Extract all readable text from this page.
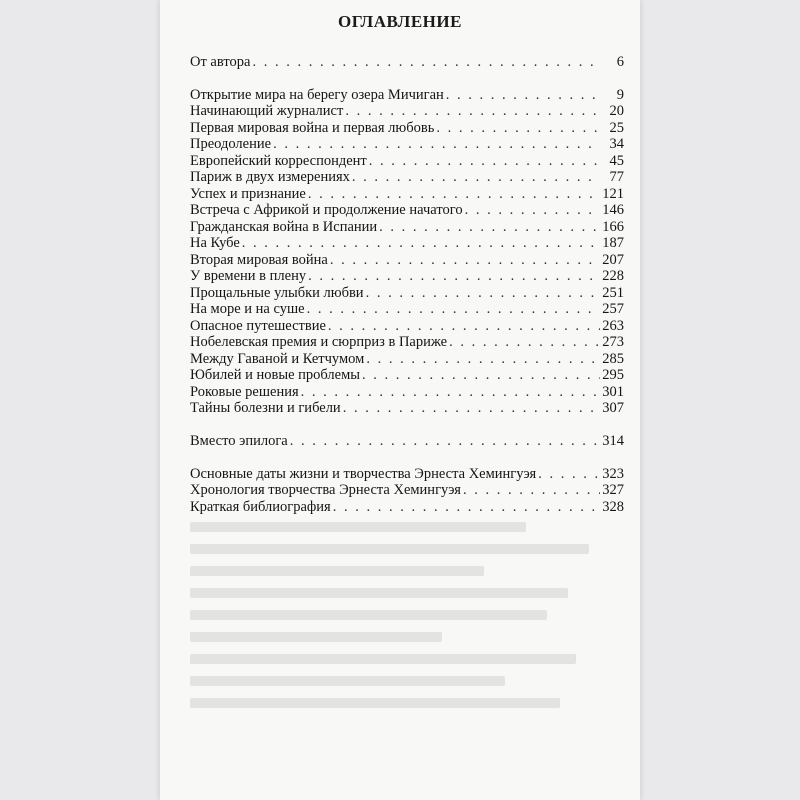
ОГЛАВЛЕНИЕ
От автора . . .	6
Открытие мира на берегу озера Мичиган . . .	9
Начинающий журналист . . .	20
Первая мировая война и первая любовь . . .	25
Преодоление . . .	34
Европейский корреспондент . . .	45
Париж в двух измерениях . . .	77
Успех и признание . . .	121
Встреча с Африкой и продолжение начатого . . .	146
Гражданская война в Испании . . .	166
На Кубе . . .	187
Вторая мировая война . . .	207
У времени в плену . . .	228
Прощальные улыбки любви . . .	251
На море и на суше . . .	257
Опасное путешествие . . .	263
Нобелевская премия и сюрприз в Париже . . .	273
Между Гаваной и Кетчумом . . .	285
Юбилей и новые проблемы . . .	295
Роковые решения . . .	301
Тайны болезни и гибели . . .	307
Вместо эпилога . . .	314
Основные даты жизни и творчества Эрнеста Хемингуэя . . .	323
Хронология творчества Эрнеста Хемингуэя . . .	327
Краткая библиография . . .	328
